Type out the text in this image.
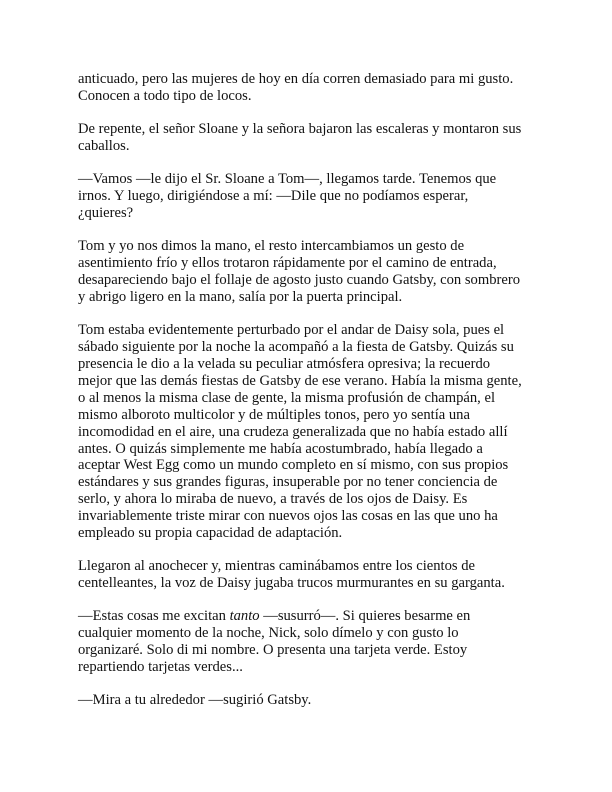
anticuado, pero las mujeres de hoy en día corren demasiado para mi gusto.
Conocen a todo tipo de locos.

De repente, el señor Sloane y la señora bajaron las escaleras y montaron sus
caballos.

—Vamos —le dijo el Sr. Sloane a Tom—, llegamos tarde. Tenemos que
irnos. Y luego, dirigiéndose a mí: —Dile que no podíamos esperar,
¿quieres?

Tom y yo nos dimos la mano, el resto intercambiamos un gesto de
asentimiento frío y ellos trotaron rápidamente por el camino de entrada,
desapareciendo bajo el follaje de agosto justo cuando Gatsby, con sombrero
y abrigo ligero en la mano, salía por la puerta principal.

Tom estaba evidentemente perturbado por el andar de Daisy sola, pues el
sábado siguiente por la noche la acompañó a la fiesta de Gatsby. Quizás su
presencia le dio a la velada su peculiar atmósfera opresiva; la recuerdo
mejor que las demás fiestas de Gatsby de ese verano. Había la misma gente,
o al menos la misma clase de gente, la misma profusión de champán, el
mismo alboroto multicolor y de múltiples tonos, pero yo sentía una
incomodidad en el aire, una crudeza generalizada que no había estado allí
antes. O quizás simplemente me había acostumbrado, había llegado a
aceptar West Egg como un mundo completo en sí mismo, con sus propios
estándares y sus grandes figuras, insuperable por no tener conciencia de
serlo, y ahora lo miraba de nuevo, a través de los ojos de Daisy. Es
invariablemente triste mirar con nuevos ojos las cosas en las que uno ha
empleado su propia capacidad de adaptación.

Llegaron al anochecer y, mientras caminábamos entre los cientos de
centelleantes, la voz de Daisy jugaba trucos murmurantes en su garganta.

—Estas cosas me excitan tanto —susurró—. Si quieres besarme en
cualquier momento de la noche, Nick, solo dímelo y con gusto lo
organizaré. Solo di mi nombre. O presenta una tarjeta verde. Estoy
repartiendo tarjetas verdes...

—Mira a tu alrededor —sugirió Gatsby.
